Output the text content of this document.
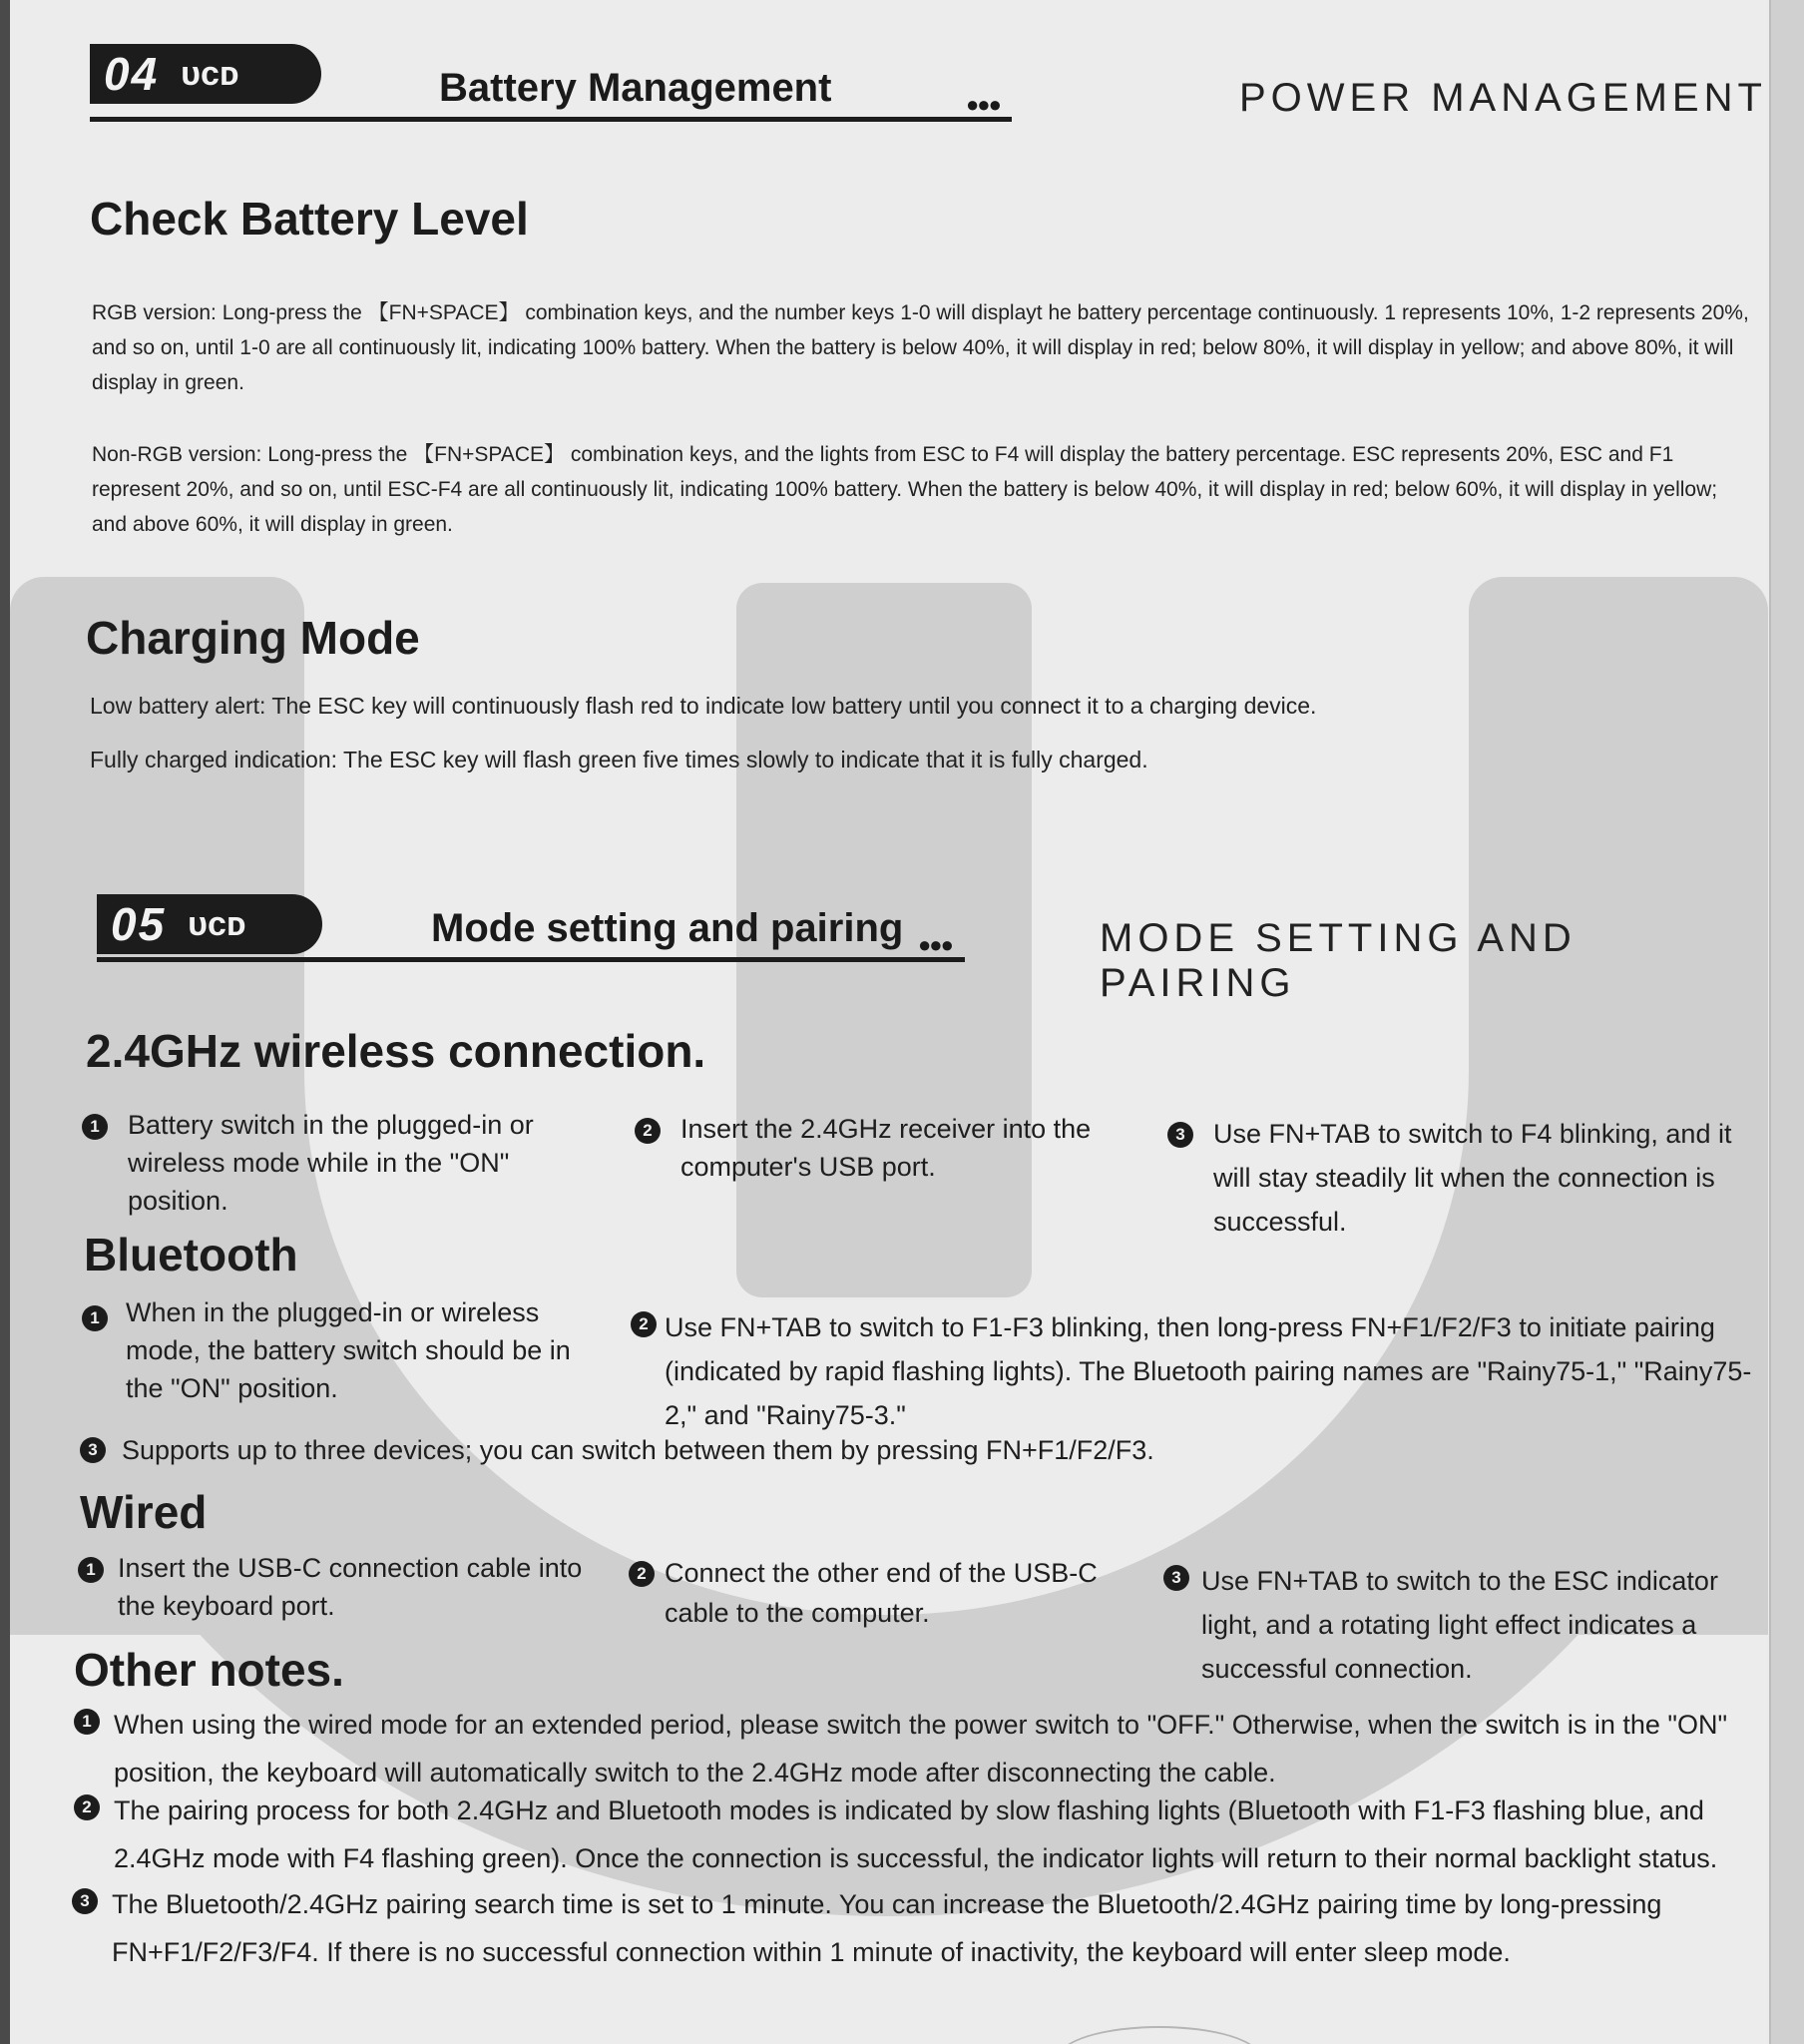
04 ᴜᴄᴅ	Battery Management	●●●	POWER MANAGEMENT
Check Battery Level
RGB version: Long-press the 【FN+SPACE】 combination keys, and the number keys 1-0 will displayt he battery percentage continuously. 1 represents 10%, 1-2 represents 20%, and so on, until 1-0 are all continuously lit, indicating 100% battery. When the battery is below 40%, it will display in red; below 80%, it will display in yellow; and above 80%, it will display in green.
Non-RGB version: Long-press the 【FN+SPACE】 combination keys, and the lights from ESC to F4 will display the battery percentage. ESC represents 20%, ESC and F1 represent 20%, and so on, until ESC-F4 are all continuously lit, indicating 100% battery. When the battery is below 40%, it will display in red; below 60%, it will display in yellow; and above 60%, it will display in green.
Charging Mode
Low battery alert: The ESC key will continuously flash red to indicate low battery until you connect it to a charging device.
Fully charged indication: The ESC key will flash green five times slowly to indicate that it is fully charged.
05 ᴜᴄᴅ	Mode setting and pairing ●●●	MODE SETTING AND PAIRING
2.4GHz wireless connection.
1	Battery switch in the plugged-in or wireless mode while in the "ON" position.
2	Insert the 2.4GHz receiver into the computer's USB port.
3	Use FN+TAB to switch to F4 blinking, and it will stay steadily lit when the connection is successful.
Bluetooth
1 When in the plugged-in or wireless mode, the battery switch should be in the "ON" position.
2 Use FN+TAB to switch to F1-F3 blinking, then long-press FN+F1/F2/F3 to initiate pairing (indicated by rapid flashing lights). The Bluetooth pairing names are "Rainy75-1," "Rainy75-2," and "Rainy75-3."
3 Supports up to three devices; you can switch between them by pressing FN+F1/F2/F3.
Wired
1 Insert the USB-C connection cable into the keyboard port.
2 Connect the other end of the USB-C cable to the computer.
3 Use FN+TAB to switch to the ESC indicator light, and a rotating light effect indicates a successful connection.
Other notes.
1 When using the wired mode for an extended period, please switch the power switch to "OFF." Otherwise, when the switch is in the "ON" position, the keyboard will automatically switch to the 2.4GHz mode after disconnecting the cable.
2 The pairing process for both 2.4GHz and Bluetooth modes is indicated by slow flashing lights (Bluetooth with F1-F3 flashing blue, and 2.4GHz mode with F4 flashing green). Once the connection is successful, the indicator lights will return to their normal backlight status.
3 The Bluetooth/2.4GHz pairing search time is set to 1 minute. You can increase the Bluetooth/2.4GHz pairing time by long-pressing FN+F1/F2/F3/F4. If there is no successful connection within 1 minute of inactivity, the keyboard will enter sleep mode.
